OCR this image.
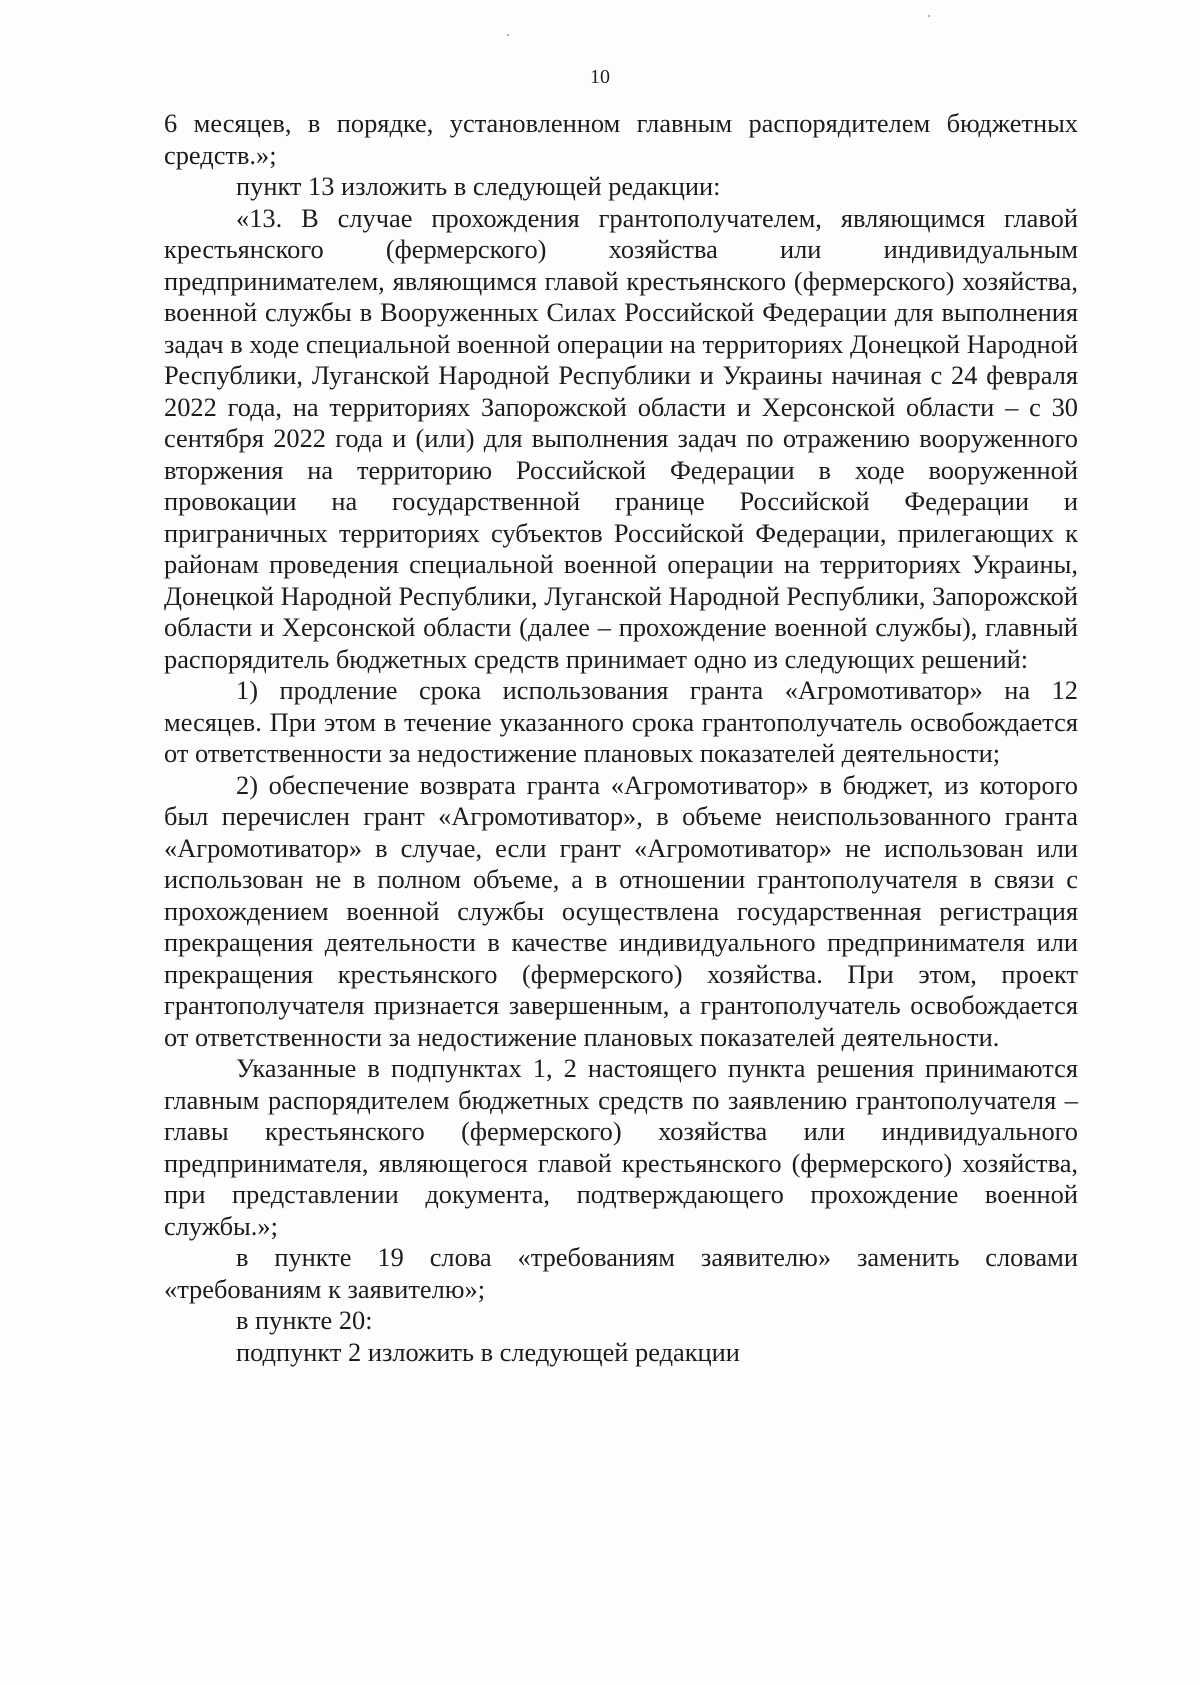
10

6 месяцев, в порядке, установленном главным распорядителем бюджетных средств.»;

пункт 13 изложить в следующей редакции:

«13. В случае прохождения грантополучателем, являющимся главой крестьянского (фермерского) хозяйства или индивидуальным предпринимателем, являющимся главой крестьянского (фермерского) хозяйства, военной службы в Вооруженных Силах Российской Федерации для выполнения задач в ходе специальной военной операции на территориях Донецкой Народной Республики, Луганской Народной Республики и Украины начиная с 24 февраля 2022 года, на территориях Запорожской области и Херсонской области – с 30 сентября 2022 года и (или) для выполнения задач по отражению вооруженного вторжения на территорию Российской Федерации в ходе вооруженной провокации на государственной границе Российской Федерации и приграничных территориях субъектов Российской Федерации, прилегающих к районам проведения специальной военной операции на территориях Украины, Донецкой Народной Республики, Луганской Народной Республики, Запорожской области и Херсонской области (далее – прохождение военной службы), главный распорядитель бюджетных средств принимает одно из следующих решений:

1) продление срока использования гранта «Агромотиватор» на 12 месяцев. При этом в течение указанного срока грантополучатель освобождается от ответственности за недостижение плановых показателей деятельности;

2) обеспечение возврата гранта «Агромотиватор» в бюджет, из которого был перечислен грант «Агромотиватор», в объеме неиспользованного гранта «Агромотиватор» в случае, если грант «Агромотиватор» не использован или использован не в полном объеме, а в отношении грантополучателя в связи с прохождением военной службы осуществлена государственная регистрация прекращения деятельности в качестве индивидуального предпринимателя или прекращения крестьянского (фермерского) хозяйства. При этом, проект грантополучателя признается завершенным, а грантополучатель освобождается от ответственности за недостижение плановых показателей деятельности.

Указанные в подпунктах 1, 2 настоящего пункта решения принимаются главным распорядителем бюджетных средств по заявлению грантополучателя – главы крестьянского (фермерского) хозяйства или индивидуального предпринимателя, являющегося главой крестьянского (фермерского) хозяйства, при представлении документа, подтверждающего прохождение военной службы.»;

в пункте 19 слова «требованиям заявителю» заменить словами «требованиям к заявителю»;

в пункте 20:

подпункт 2 изложить в следующей редакции
